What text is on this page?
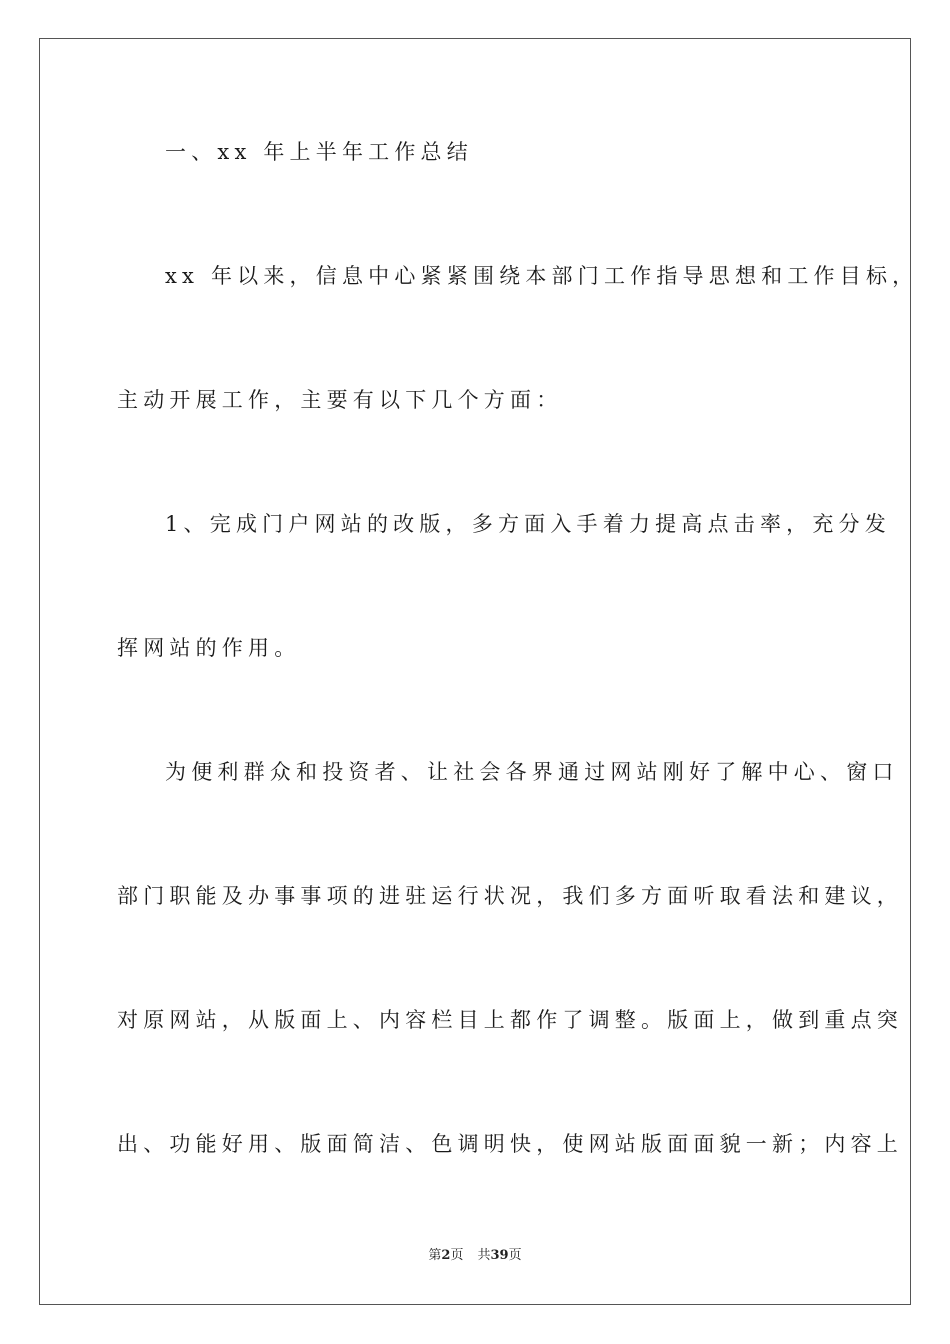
一、xx 年上半年工作总结
xx 年以来，信息中心紧紧围绕本部门工作指导思想和工作目标，
主动开展工作，主要有以下几个方面：
1、完成门户网站的改版，多方面入手着力提高点击率，充分发
挥网站的作用。
为便利群众和投资者、让社会各界通过网站刚好了解中心、窗口
部门职能及办事事项的进驻运行状况，我们多方面听取看法和建议，
对原网站，从版面上、内容栏目上都作了调整。版面上，做到重点突
出、功能好用、版面简洁、色调明快，使网站版面面貌一新；内容上
第2页 共39页
